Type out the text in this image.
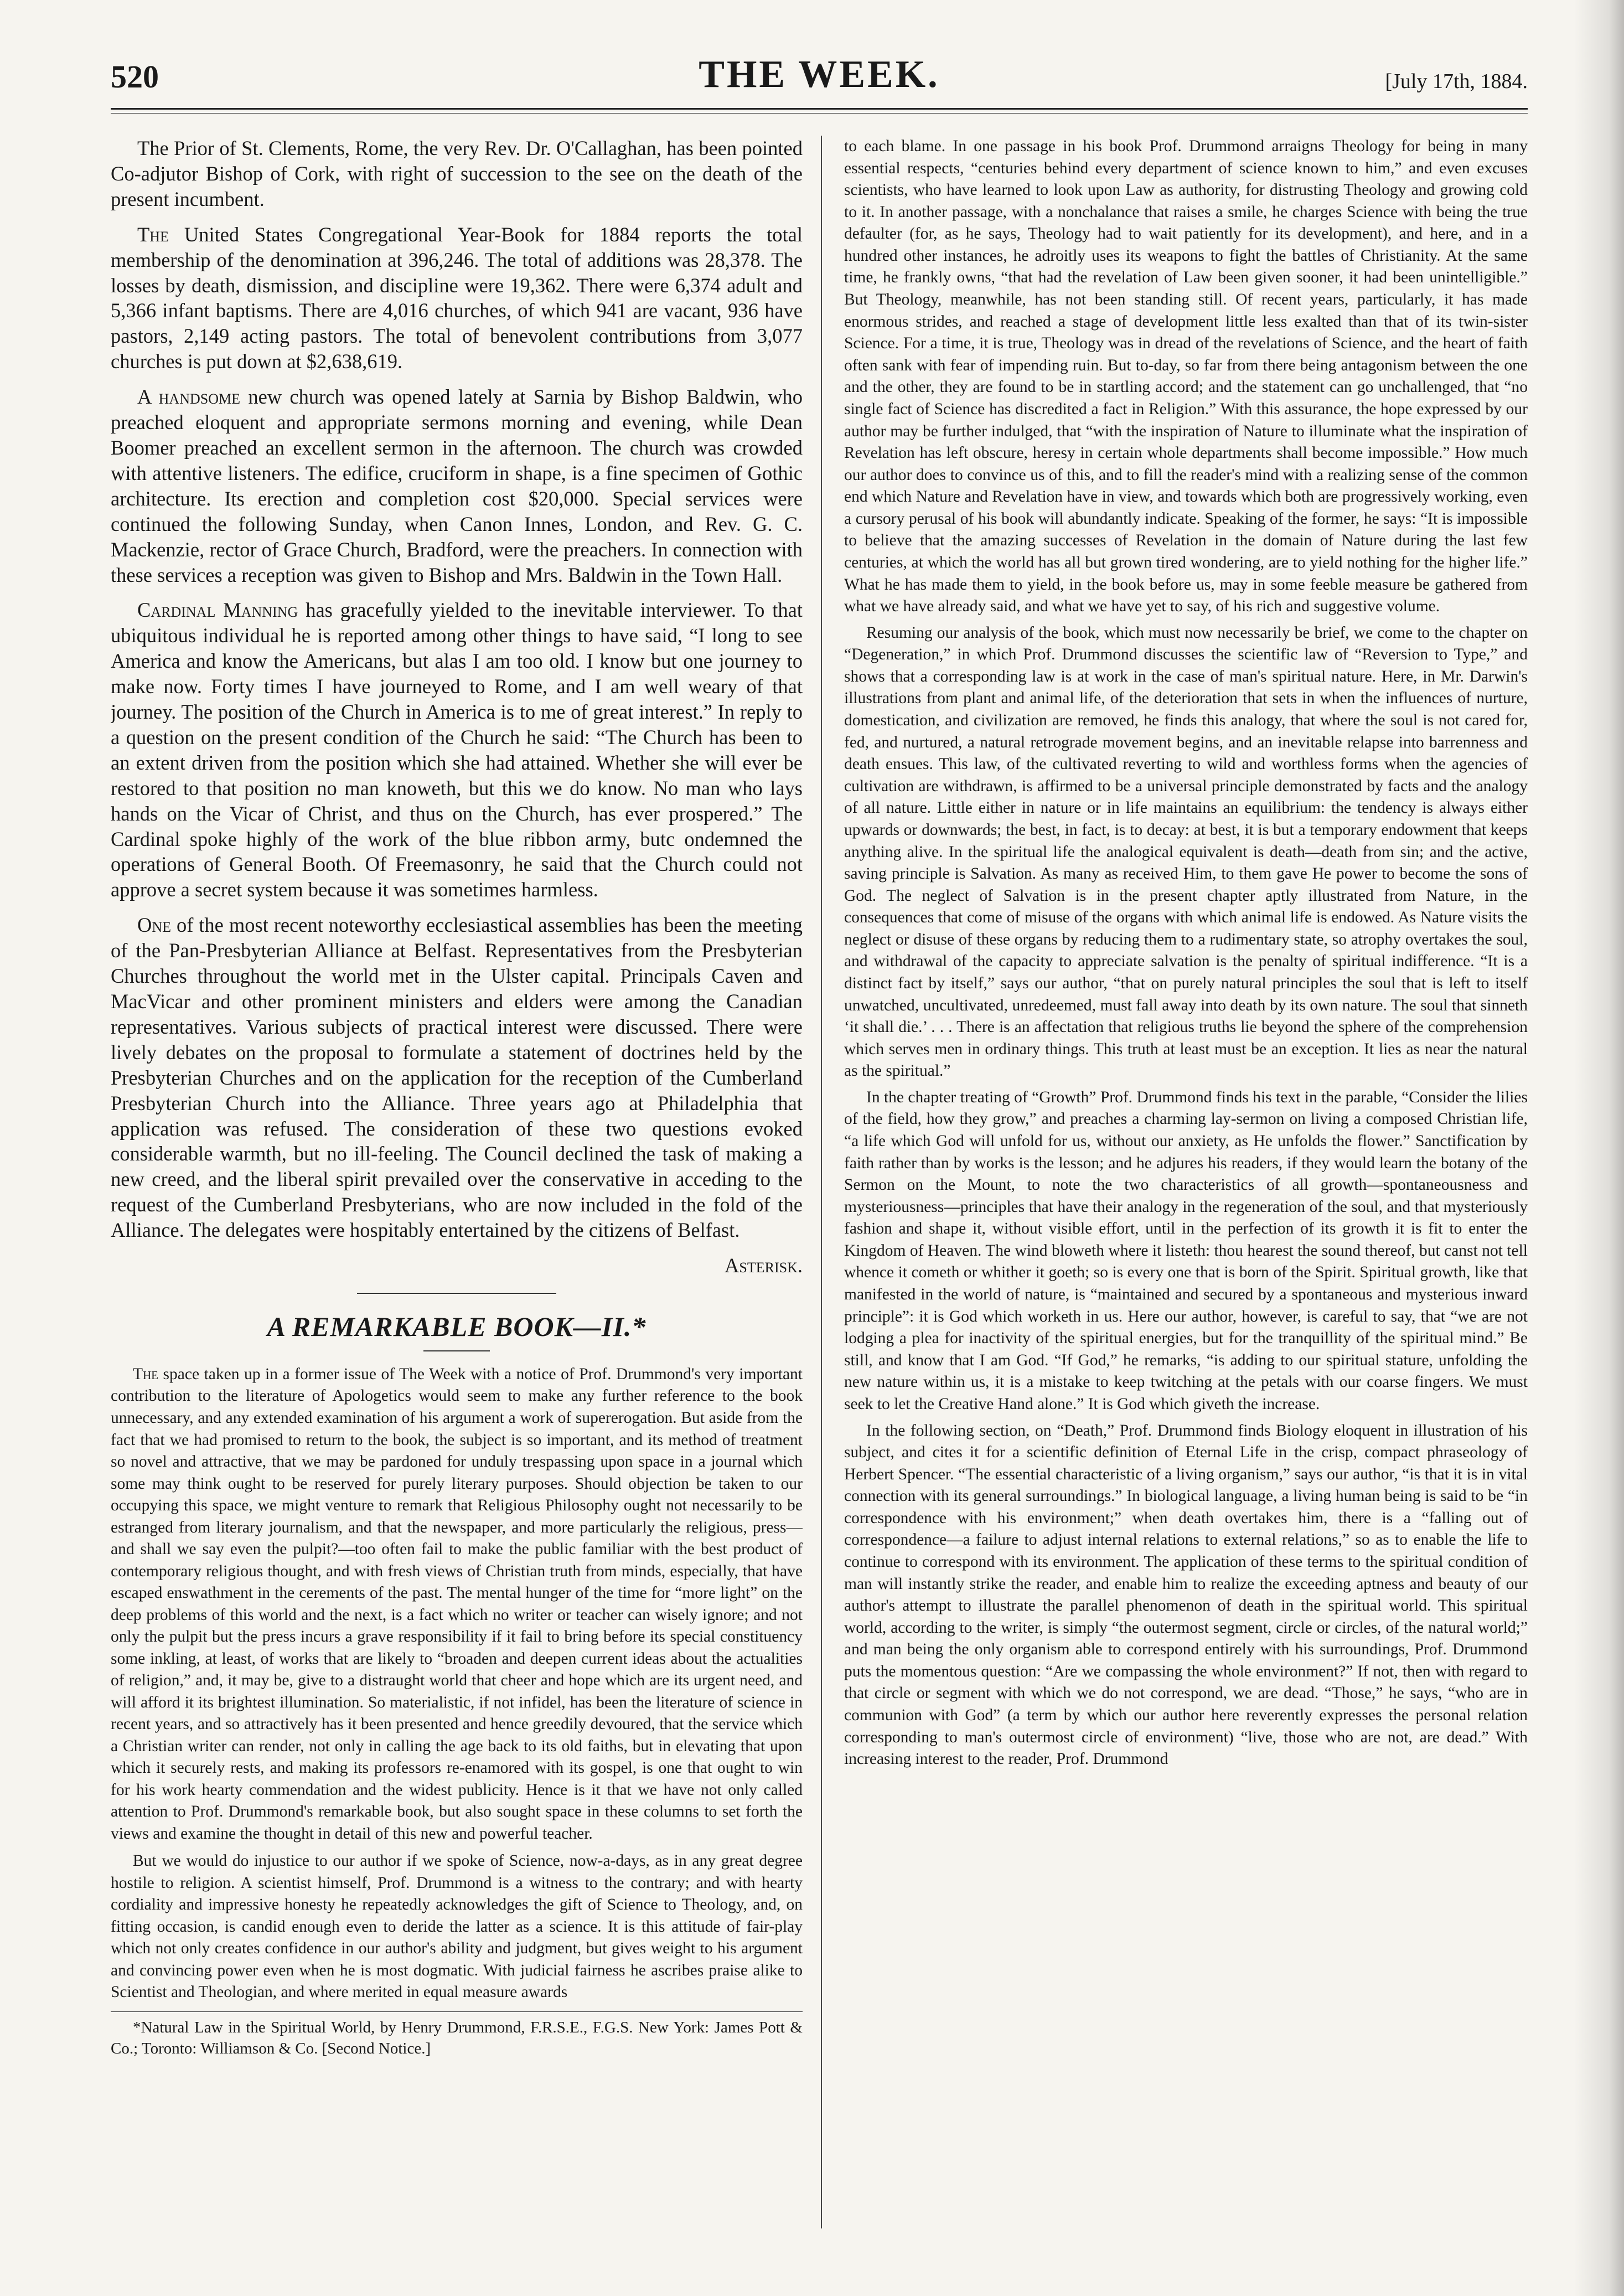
520	THE WEEK.	[July 17th, 1884.

The Prior of St. Clements, Rome, the very Rev. Dr. O'Callaghan, has been pointed Co-adjutor Bishop of Cork, with right of succession to the see on the death of the present incumbent.

The United States Congregational Year-Book for 1884 reports the total membership of the denomination at 396,246. The total of additions was 28,378. The losses by death, dismission, and discipline were 19,362. There were 6,374 adult and 5,366 infant baptisms. There are 4,016 churches, of which 941 are vacant, 936 have pastors, 2,149 acting pastors. The total of benevolent contributions from 3,077 churches is put down at $2,638,619.

A handsome new church was opened lately at Sarnia by Bishop Baldwin, who preached eloquent and appropriate sermons morning and evening, while Dean Boomer preached an excellent sermon in the afternoon. The church was crowded with attentive listeners. The edifice, cruciform in shape, is a fine specimen of Gothic architecture. Its erection and completion cost $20,000. Special services were continued the following Sunday, when Canon Innes, London, and Rev. G. C. Mackenzie, rector of Grace Church, Bradford, were the preachers. In connection with these services a reception was given to Bishop and Mrs. Baldwin in the Town Hall.

Cardinal Manning has gracefully yielded to the inevitable interviewer. To that ubiquitous individual he is reported among other things to have said, “I long to see America and know the Americans, but alas I am too old. I know but one journey to make now. Forty times I have journeyed to Rome, and I am well weary of that journey. The position of the Church in America is to me of great interest.” In reply to a question on the present condition of the Church he said: “The Church has been to an extent driven from the position which she had attained. Whether she will ever be restored to that position no man knoweth, but this we do know. No man who lays hands on the Vicar of Christ, and thus on the Church, has ever prospered.” The Cardinal spoke highly of the work of the blue ribbon army, butc ondemned the operations of General Booth. Of Freemasonry, he said that the Church could not approve a secret system because it was sometimes harmless.

One of the most recent noteworthy ecclesiastical assemblies has been the meeting of the Pan-Presbyterian Alliance at Belfast. Representatives from the Presbyterian Churches throughout the world met in the Ulster capital. Principals Caven and MacVicar and other prominent ministers and elders were among the Canadian representatives. Various subjects of practical interest were discussed. There were lively debates on the proposal to formulate a statement of doctrines held by the Presbyterian Churches and on the application for the reception of the Cumberland Presbyterian Church into the Alliance. Three years ago at Philadelphia that application was refused. The consideration of these two questions evoked considerable warmth, but no ill-feeling. The Council declined the task of making a new creed, and the liberal spirit prevailed over the conservative in acceding to the request of the Cumberland Presbyterians, who are now included in the fold of the Alliance. The delegates were hospitably entertained by the citizens of Belfast.

Asterisk.

A REMARKABLE BOOK—II.*

The space taken up in a former issue of The Week with a notice of Prof. Drummond's very important contribution to the literature of Apologetics would seem to make any further reference to the book unnecessary, and any extended examination of his argument a work of supererogation. But aside from the fact that we had promised to return to the book, the subject is so important, and its method of treatment so novel and attractive, that we may be pardoned for unduly trespassing upon space in a journal which some may think ought to be reserved for purely literary purposes. Should objection be taken to our occupying this space, we might venture to remark that Religious Philosophy ought not necessarily to be estranged from literary journalism, and that the newspaper, and more particularly the religious, press—and shall we say even the pulpit?—too often fail to make the public familiar with the best product of contemporary religious thought, and with fresh views of Christian truth from minds, especially, that have escaped enswathment in the cerements of the past. The mental hunger of the time for “more light” on the deep problems of this world and the next, is a fact which no writer or teacher can wisely ignore; and not only the pulpit but the press incurs a grave responsibility if it fail to bring before its special constituency some inkling, at least, of works that are likely to “broaden and deepen current ideas about the actualities of religion,” and, it may be, give to a distraught world that cheer and hope which are its urgent need, and will afford it its brightest illumination. So materialistic, if not infidel, has been the literature of science in recent years, and so attractively has it been presented and hence greedily devoured, that the service which a Christian writer can render, not only in calling the age back to its old faiths, but in elevating that upon which it securely rests, and making its professors re-enamored with its gospel, is one that ought to win for his work hearty commendation and the widest publicity. Hence is it that we have not only called attention to Prof. Drummond's remarkable book, but also sought space in these columns to set forth the views and examine the thought in detail of this new and powerful teacher.

But we would do injustice to our author if we spoke of Science, now-a-days, as in any great degree hostile to religion. A scientist himself, Prof. Drummond is a witness to the contrary; and with hearty cordiality and impressive honesty he repeatedly acknowledges the gift of Science to Theology, and, on fitting occasion, is candid enough even to deride the latter as a science. It is this attitude of fair-play which not only creates confidence in our author's ability and judgment, but gives weight to his argument and convincing power even when he is most dogmatic. With judicial fairness he ascribes praise alike to Scientist and Theologian, and where merited in equal measure awards

*Natural Law in the Spiritual World, by Henry Drummond, F.R.S.E., F.G.S. New York: James Pott & Co.; Toronto: Williamson & Co. [Second Notice.]

to each blame. In one passage in his book Prof. Drummond arraigns Theology for being in many essential respects, “centuries behind every department of science known to him,” and even excuses scientists, who have learned to look upon Law as authority, for distrusting Theology and growing cold to it. In another passage, with a nonchalance that raises a smile, he charges Science with being the true defaulter (for, as he says, Theology had to wait patiently for its development), and here, and in a hundred other instances, he adroitly uses its weapons to fight the battles of Christianity. At the same time, he frankly owns, “that had the revelation of Law been given sooner, it had been unintelligible.” But Theology, meanwhile, has not been standing still. Of recent years, particularly, it has made enormous strides, and reached a stage of development little less exalted than that of its twin-sister Science. For a time, it is true, Theology was in dread of the revelations of Science, and the heart of faith often sank with fear of impending ruin. But to-day, so far from there being antagonism between the one and the other, they are found to be in startling accord; and the statement can go unchallenged, that “no single fact of Science has discredited a fact in Religion.” With this assurance, the hope expressed by our author may be further indulged, that “with the inspiration of Nature to illuminate what the inspiration of Revelation has left obscure, heresy in certain whole departments shall become impossible.” How much our author does to convince us of this, and to fill the reader's mind with a realizing sense of the common end which Nature and Revelation have in view, and towards which both are progressively working, even a cursory perusal of his book will abundantly indicate. Speaking of the former, he says: “It is impossible to believe that the amazing successes of Revelation in the domain of Nature during the last few centuries, at which the world has all but grown tired wondering, are to yield nothing for the higher life.” What he has made them to yield, in the book before us, may in some feeble measure be gathered from what we have already said, and what we have yet to say, of his rich and suggestive volume.

Resuming our analysis of the book, which must now necessarily be brief, we come to the chapter on “Degeneration,” in which Prof. Drummond discusses the scientific law of “Reversion to Type,” and shows that a corresponding law is at work in the case of man's spiritual nature. Here, in Mr. Darwin's illustrations from plant and animal life, of the deterioration that sets in when the influences of nurture, domestication, and civilization are removed, he finds this analogy, that where the soul is not cared for, fed, and nurtured, a natural retrograde movement begins, and an inevitable relapse into barrenness and death ensues. This law, of the cultivated reverting to wild and worthless forms when the agencies of cultivation are withdrawn, is affirmed to be a universal principle demonstrated by facts and the analogy of all nature. Little either in nature or in life maintains an equilibrium: the tendency is always either upwards or downwards; the best, in fact, is to decay: at best, it is but a temporary endowment that keeps anything alive. In the spiritual life the analogical equivalent is death—death from sin; and the active, saving principle is Salvation. As many as received Him, to them gave He power to become the sons of God. The neglect of Salvation is in the present chapter aptly illustrated from Nature, in the consequences that come of misuse of the organs with which animal life is endowed. As Nature visits the neglect or disuse of these organs by reducing them to a rudimentary state, so atrophy overtakes the soul, and withdrawal of the capacity to appreciate salvation is the penalty of spiritual indifference. “It is a distinct fact by itself,” says our author, “that on purely natural principles the soul that is left to itself unwatched, uncultivated, unredeemed, must fall away into death by its own nature. The soul that sinneth ‘it shall die.’ . . . There is an affectation that religious truths lie beyond the sphere of the comprehension which serves men in ordinary things. This truth at least must be an exception. It lies as near the natural as the spiritual.”

In the chapter treating of “Growth” Prof. Drummond finds his text in the parable, “Consider the lilies of the field, how they grow,” and preaches a charming lay-sermon on living a composed Christian life, “a life which God will unfold for us, without our anxiety, as He unfolds the flower.” Sanctification by faith rather than by works is the lesson; and he adjures his readers, if they would learn the botany of the Sermon on the Mount, to note the two characteristics of all growth—spontaneousness and mysteriousness—principles that have their analogy in the regeneration of the soul, and that mysteriously fashion and shape it, without visible effort, until in the perfection of its growth it is fit to enter the Kingdom of Heaven. The wind bloweth where it listeth: thou hearest the sound thereof, but canst not tell whence it cometh or whither it goeth; so is every one that is born of the Spirit. Spiritual growth, like that manifested in the world of nature, is “maintained and secured by a spontaneous and mysterious inward principle”: it is God which worketh in us. Here our author, however, is careful to say, that “we are not lodging a plea for inactivity of the spiritual energies, but for the tranquillity of the spiritual mind.” Be still, and know that I am God. “If God,” he remarks, “is adding to our spiritual stature, unfolding the new nature within us, it is a mistake to keep twitching at the petals with our coarse fingers. We must seek to let the Creative Hand alone.” It is God which giveth the increase.

In the following section, on “Death,” Prof. Drummond finds Biology eloquent in illustration of his subject, and cites it for a scientific definition of Eternal Life in the crisp, compact phraseology of Herbert Spencer. “The essential characteristic of a living organism,” says our author, “is that it is in vital connection with its general surroundings.” In biological language, a living human being is said to be “in correspondence with his environment;” when death overtakes him, there is a “falling out of correspondence—a failure to adjust internal relations to external relations,” so as to enable the life to continue to correspond with its environment. The application of these terms to the spiritual condition of man will instantly strike the reader, and enable him to realize the exceeding aptness and beauty of our author's attempt to illustrate the parallel phenomenon of death in the spiritual world. This spiritual world, according to the writer, is simply “the outermost segment, circle or circles, of the natural world;” and man being the only organism able to correspond entirely with his surroundings, Prof. Drummond puts the momentous question: “Are we compassing the whole environment?” If not, then with regard to that circle or segment with which we do not correspond, we are dead. “Those,” he says, “who are in communion with God” (a term by which our author here reverently expresses the personal relation corresponding to man's outermost circle of environment) “live, those who are not, are dead.” With increasing interest to the reader, Prof. Drummond
